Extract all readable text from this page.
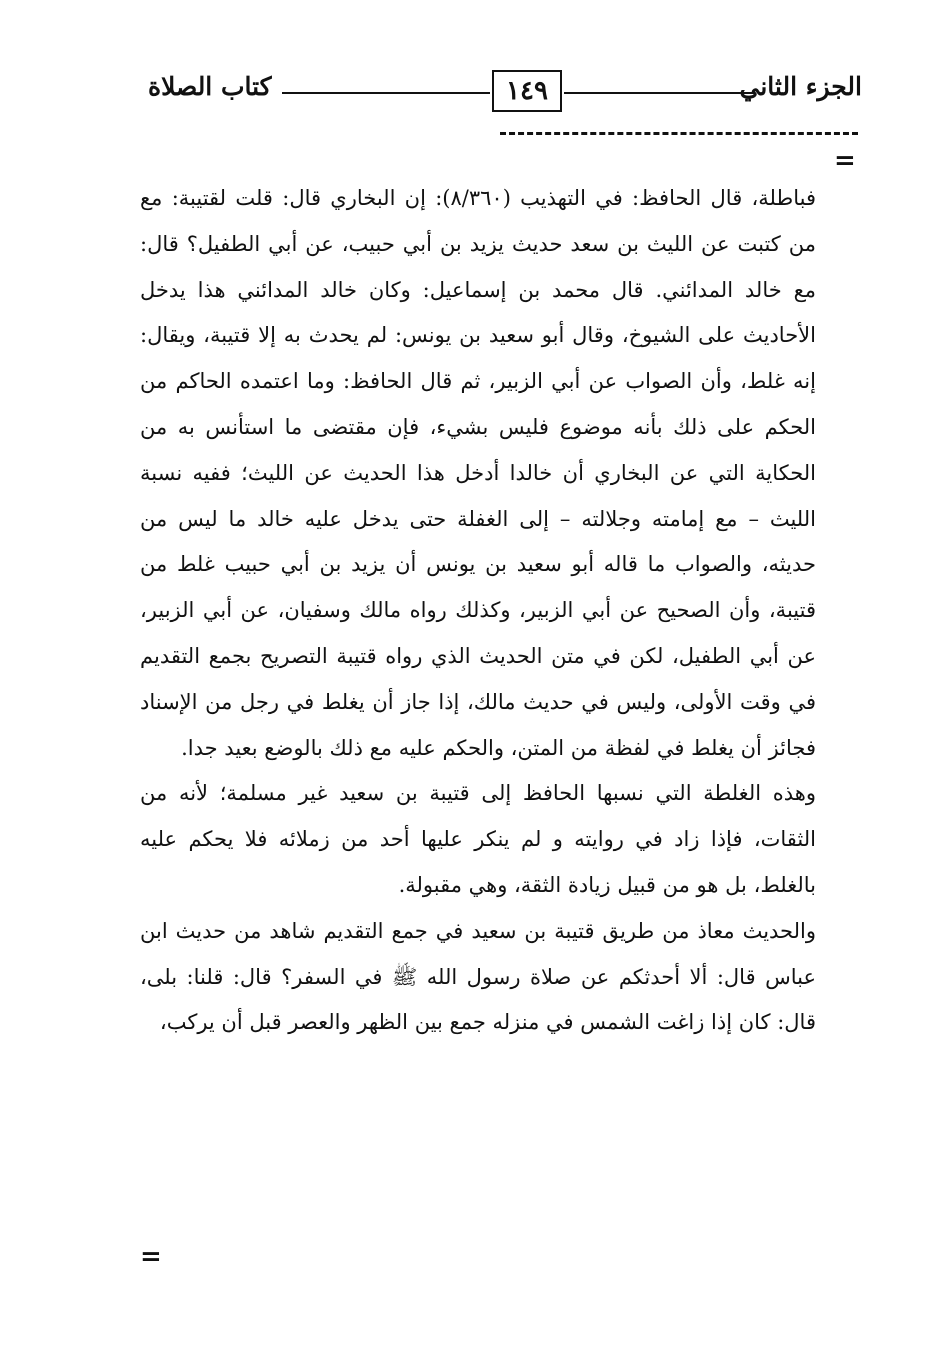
الجزء الثاني
١٤٩
كتاب الصلاة
=

فباطلة، قال الحافظ: في التهذيب (٨/٣٦٠): إن البخاري قال: قلت لقتيبة: مع من كتبت عن الليث بن سعد حديث يزيد بن أبي حبيب، عن أبي الطفيل؟ قال: مع خالد المدائني. قال محمد بن إسماعيل: وكان خالد المدائني هذا يدخل الأحاديث على الشيوخ، وقال أبو سعيد بن يونس: لم يحدث به إلا قتيبة، ويقال: إنه غلط، وأن الصواب عن أبي الزبير، ثم قال الحافظ: وما اعتمده الحاكم من الحكم على ذلك بأنه موضوع فليس بشيء، فإن مقتضى ما استأنس به من الحكاية التي عن البخاري أن خالدا أدخل هذا الحديث عن الليث؛ ففيه نسبة الليث – مع إمامته وجلالته – إلى الغفلة حتى يدخل عليه خالد ما ليس من حديثه، والصواب ما قاله أبو سعيد بن يونس أن يزيد بن أبي حبيب غلط من قتيبة، وأن الصحيح عن أبي الزبير، وكذلك رواه مالك وسفيان، عن أبي الزبير، عن أبي الطفيل، لكن في متن الحديث الذي رواه قتيبة التصريح بجمع التقديم في وقت الأولى، وليس في حديث مالك، إذا جاز أن يغلط في رجل من الإسناد فجائز أن يغلط في لفظة من المتن، والحكم عليه مع ذلك بالوضع بعيد جدا.

وهذه الغلطة التي نسبها الحافظ إلى قتيبة بن سعيد غير مسلمة؛ لأنه من الثقات، فإذا زاد في روايته و لم ينكر عليها أحد من زملائه فلا يحكم عليه بالغلط، بل هو من قبيل زيادة الثقة، وهي مقبولة.

والحديث معاذ من طريق قتيبة بن سعيد في جمع التقديم شاهد من حديث ابن عباس قال: ألا أحدثكم عن صلاة رسول الله ﷺ في السفر؟ قال: قلنا: بلى، قال: كان إذا زاغت الشمس في منزله جمع بين الظهر والعصر قبل أن يركب،

=
